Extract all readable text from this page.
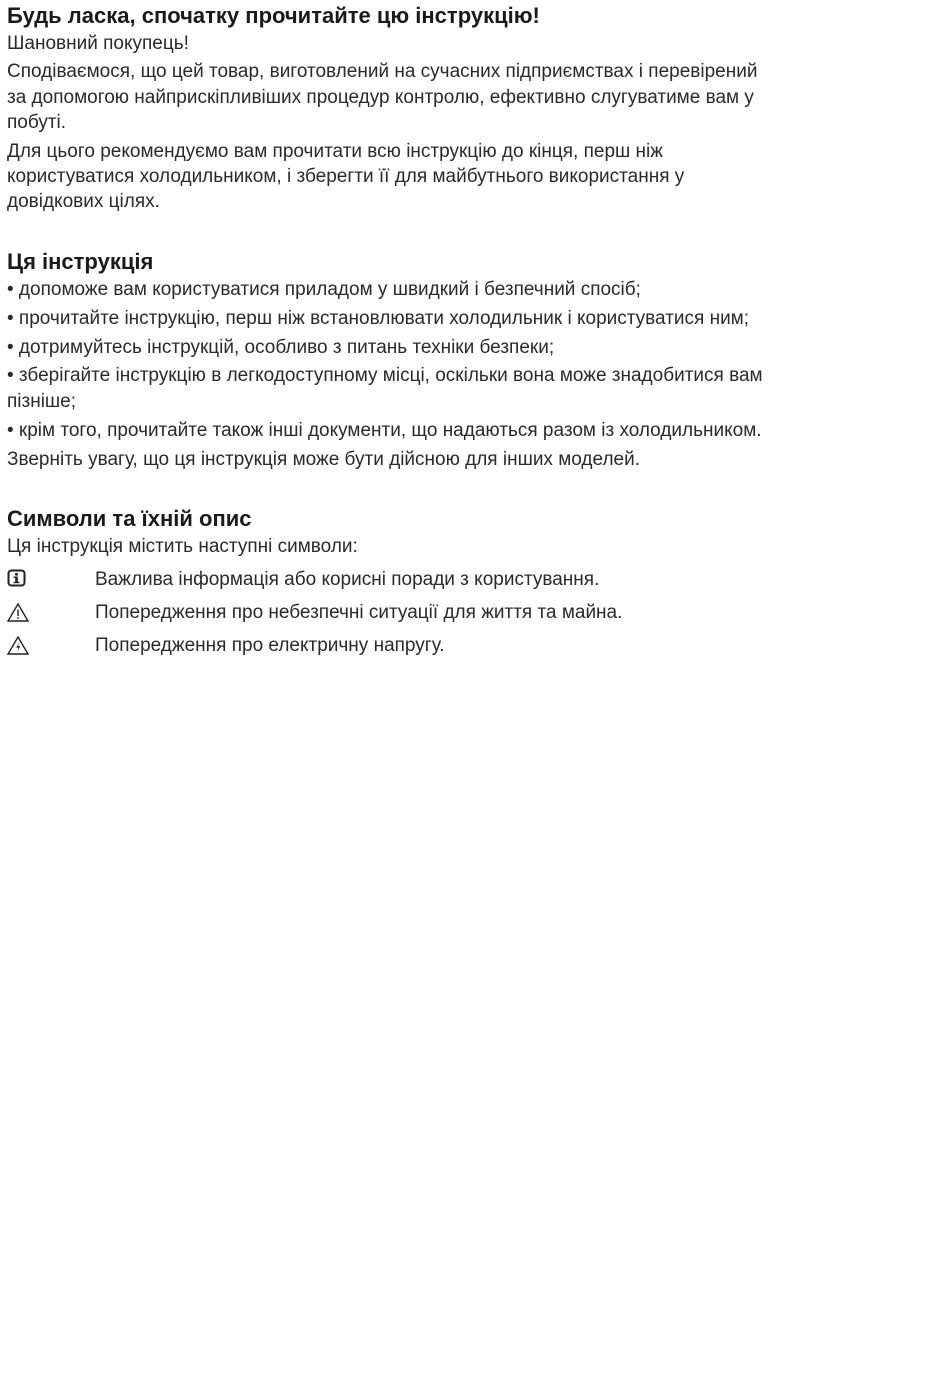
Будь ласка, спочатку прочитайте цю інструкцію!

Шановний покупець!

Сподіваємося, що цей товар, виготовлений на сучасних підприємствах і перевірений

за допомогою найприскіпливіших процедур контролю, ефективно слугуватиме вам у

побуті.

Для цього рекомендуємо вам прочитати всю інструкцію до кінця, перш ніж

користуватися холодильником, і зберегти її для майбутнього використання у

довідкових цілях.

Ця інструкція

• допоможе вам користуватися приладом у швидкий і безпечний спосіб;

• прочитайте інструкцію, перш ніж встановлювати холодильник і користуватися ним;

• дотримуйтесь інструкцій, особливо з питань техніки безпеки;

• зберігайте інструкцію в легкодоступному місці, оскільки вона може знадобитися вам

пізніше;

• крім того, прочитайте також інші документи, що надаються разом із холодильником.

Зверніть увагу, що ця інструкція може бути дійсною для інших моделей.

Символи та їхній опис

Ця інструкція містить наступні символи:

Важлива інформація або корисні поради з користування.
Попередження про небезпечні ситуації для життя та майна.
Попередження про електричну напругу.
